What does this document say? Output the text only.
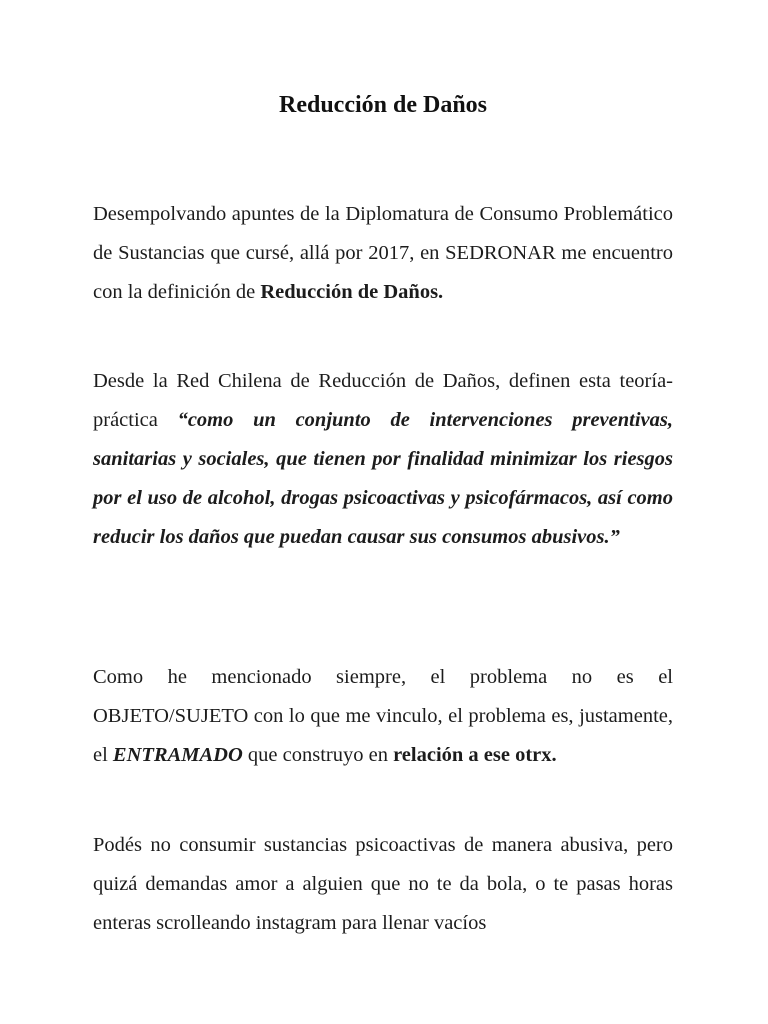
Reducción de Daños

Desempolvando apuntes de la Diplomatura de Consumo Problemático de Sustancias que cursé, allá por 2017, en SEDRONAR me encuentro con la definición de Reducción de Daños.

Desde la Red Chilena de Reducción de Daños, definen esta teoría-práctica “como un conjunto de intervenciones preventivas, sanitarias y sociales, que tienen por finalidad minimizar los riesgos por el uso de alcohol, drogas psicoactivas y psicofármacos, así como reducir los daños que puedan causar sus consumos abusivos.”

Como he mencionado siempre, el problema no es el OBJETO/SUJETO con lo que me vinculo, el problema es, justamente, el ENTRAMADO que construyo en relación a ese otrx.

Podés no consumir sustancias psicoactivas de manera abusiva, pero quizá demandas amor a alguien que no te da bola, o te pasas horas enteras scrolleando instagram para llenar vacíos
